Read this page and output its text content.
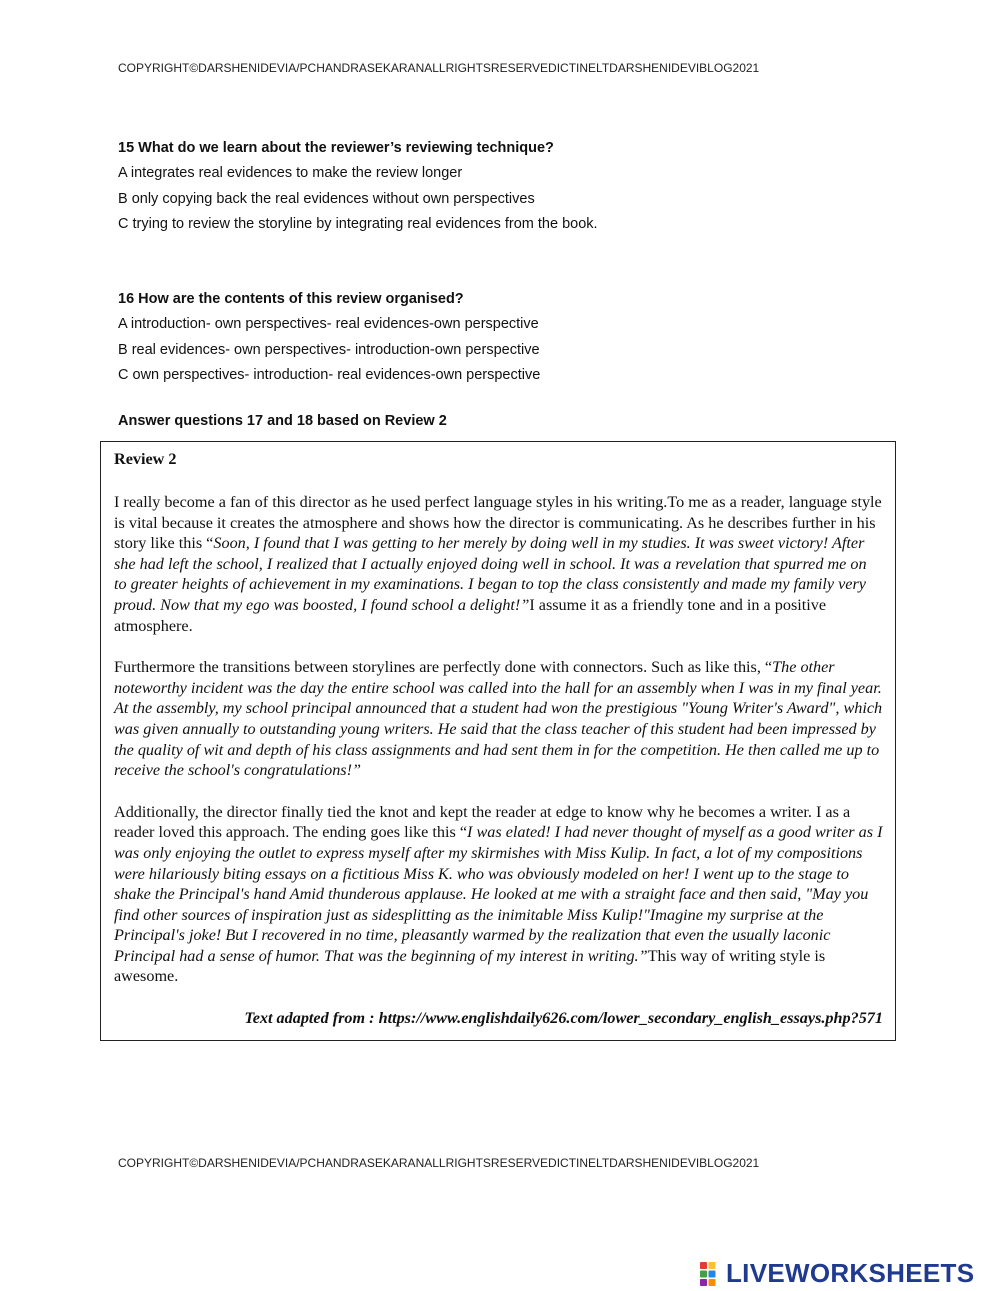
COPYRIGHT©DARSHENIDEVIA/PCHANDRASEKARANALLRIGHTSRESERVEDICTINELTDARSHENIDEVIBLOG2021
15 What do we learn about the reviewer’s reviewing technique?
A integrates real evidences to make the review longer
B only copying back the real evidences without own perspectives
C trying to review the storyline by integrating real evidences from the book.
16 How are the contents of this review organised?
A introduction- own perspectives- real evidences-own perspective
B real evidences- own perspectives- introduction-own perspective
C own perspectives- introduction- real evidences-own perspective
Answer questions 17 and 18 based on Review 2
Review 2
I really become a fan of this director as he used perfect language styles in his writing.To me as a reader, language style is vital because it creates the atmosphere and shows how the director is communicating. As he describes further in his story like this “Soon, I found that I was getting to her merely by doing well in my studies. It was sweet victory! After she had left the school, I realized that I actually enjoyed doing well in school. It was a revelation that spurred me on to greater heights of achievement in my examinations. I began to top the class consistently and made my family very proud. Now that my ego was boosted, I found school a delight!”I assume it as a friendly tone and in a positive atmosphere.
Furthermore the transitions between storylines are perfectly done with connectors. Such as like this, “The other noteworthy incident was the day the entire school was called into the hall for an assembly when I was in my final year. At the assembly, my school principal announced that a student had won the prestigious "Young Writer's Award", which was given annually to outstanding young writers. He said that the class teacher of this student had been impressed by the quality of wit and depth of his class assignments and had sent them in for the competition. He then called me up to receive the school's congratulations!”
Additionally, the director finally tied the knot and kept the reader at edge to know why he becomes a writer. I as a reader loved this approach. The ending goes like this “I was elated! I had never thought of myself as a good writer as I was only enjoying the outlet to express myself after my skirmishes with Miss Kulip. In fact, a lot of my compositions were hilariously biting essays on a fictitious Miss K. who was obviously modeled on her! I went up to the stage to shake the Principal's hand Amid thunderous applause. He looked at me with a straight face and then said, "May you find other sources of inspiration just as sidesplitting as the inimitable Miss Kulip!"Imagine my surprise at the Principal's joke! But I recovered in no time, pleasantly warmed by the realization that even the usually laconic Principal had a sense of humor. That was the beginning of my interest in writing.”This way of writing style is awesome.
Text adapted from : https://www.englishdaily626.com/lower_secondary_english_essays.php?571
COPYRIGHT©DARSHENIDEVIA/PCHANDRASEKARANALLRIGHTSRESERVEDICTINELTDARSHENIDEVIBLOG2021
LIVEWORKSHEETS
